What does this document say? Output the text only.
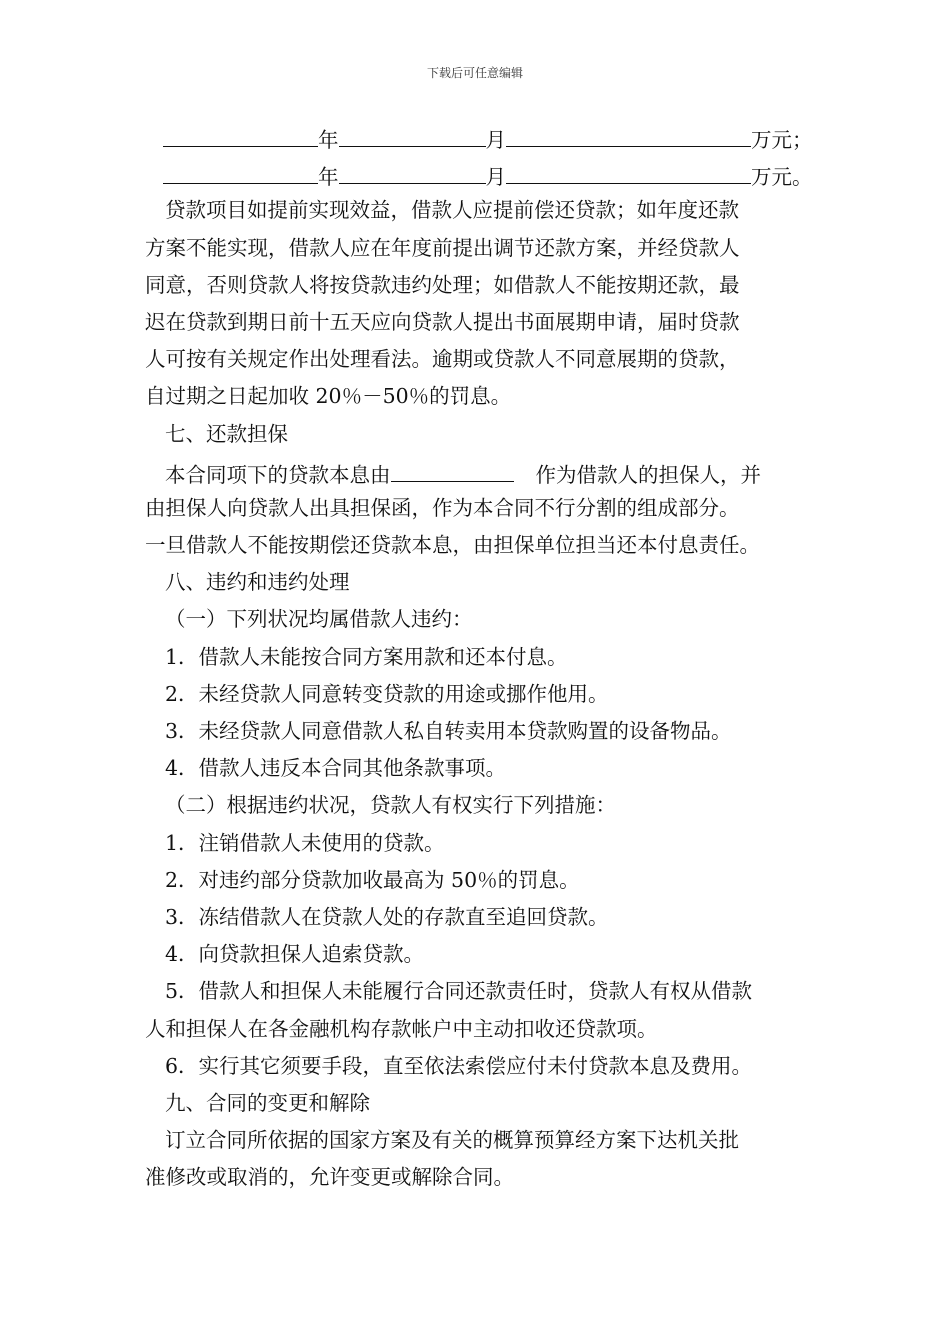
下载后可任意编辑
年	月	万元；
年	月	万元。
贷款项目如提前实现效益，借款人应提前偿还贷款；如年度还款
方案不能实现，借款人应在年度前提出调节还款方案，并经贷款人
同意，否则贷款人将按贷款违约处理；如借款人不能按期还款，最
迟在贷款到期日前十五天应向贷款人提出书面展期申请，届时贷款
人可按有关规定作出处理看法。逾期或贷款人不同意展期的贷款，
自过期之日起加收 20％－50％的罚息。
七、还款担保
本合同项下的贷款本息由	作为借款人的担保人，并
由担保人向贷款人出具担保函，作为本合同不行分割的组成部分。
一旦借款人不能按期偿还贷款本息，由担保单位担当还本付息责任。
八、违约和违约处理
（一）下列状况均属借款人违约：
1．借款人未能按合同方案用款和还本付息。
2．未经贷款人同意转变贷款的用途或挪作他用。
3．未经贷款人同意借款人私自转卖用本贷款购置的设备物品。
4．借款人违反本合同其他条款事项。
（二）根据违约状况，贷款人有权实行下列措施：
1．注销借款人未使用的贷款。
2．对违约部分贷款加收最高为 50％的罚息。
3．冻结借款人在贷款人处的存款直至追回贷款。
4．向贷款担保人追索贷款。
5．借款人和担保人未能履行合同还款责任时，贷款人有权从借款
人和担保人在各金融机构存款帐户中主动扣收还贷款项。
6．实行其它须要手段，直至依法索偿应付未付贷款本息及费用。
九、合同的变更和解除
订立合同所依据的国家方案及有关的概算预算经方案下达机关批
准修改或取消的，允许变更或解除合同。
